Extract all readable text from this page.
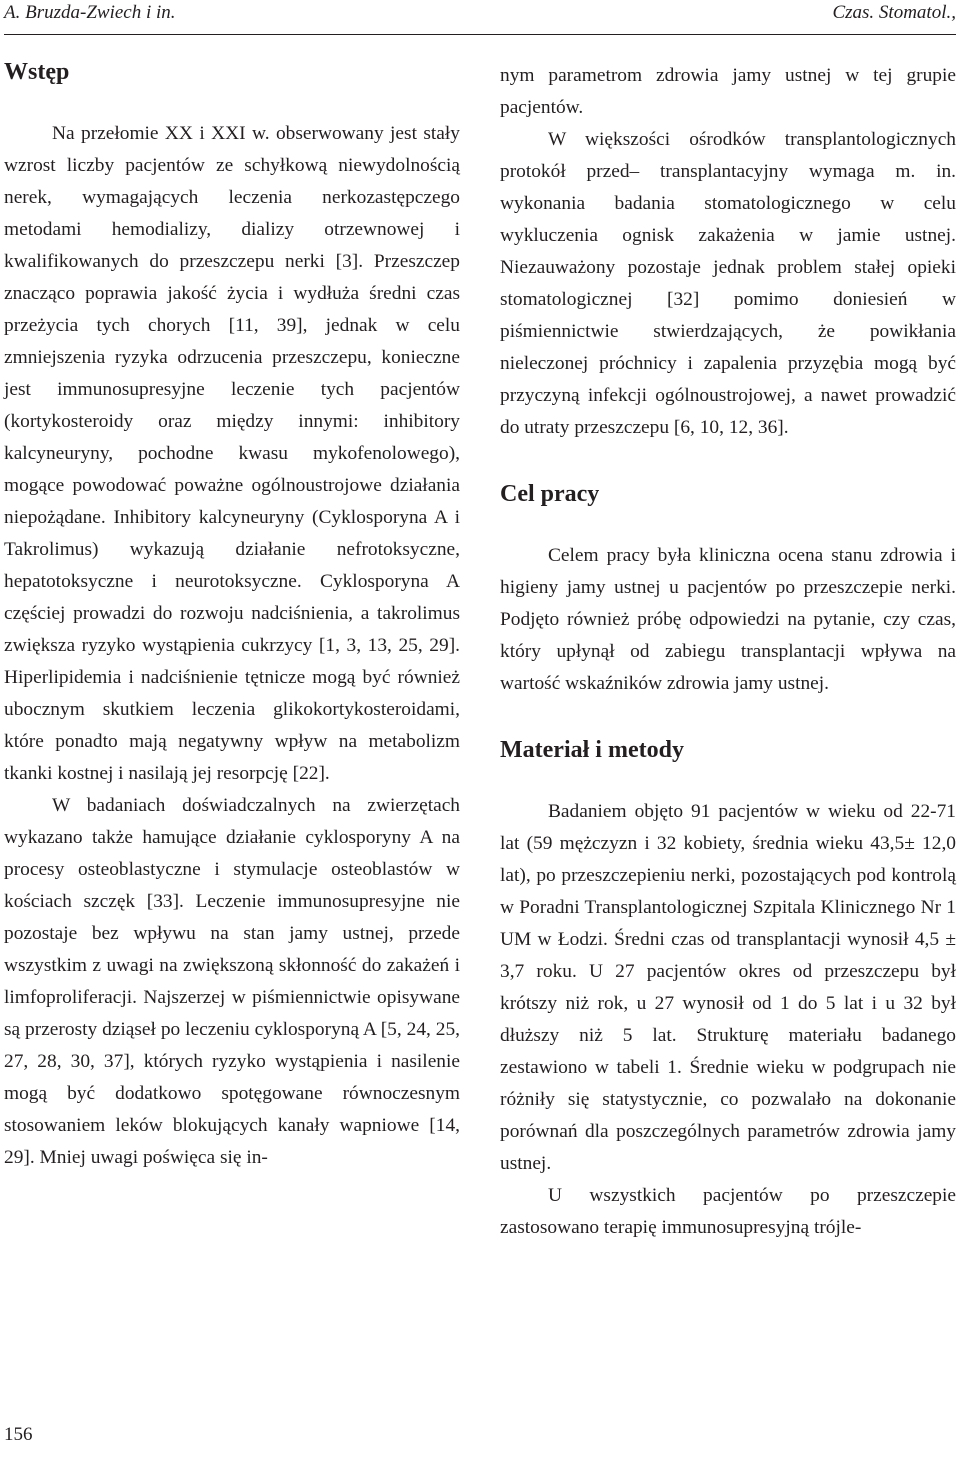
A. Bruzda-Zwiech i in.	Czas. Stomatol.,
Wstęp

Na przełomie XX i XXI w. obserwowany jest stały wzrost liczby pacjentów ze schyłkową niewydolnością nerek, wymagających leczenia nerkozastępczego metodami hemodializy, dializy otrzewnowej i kwalifikowanych do przeszczepu nerki [3]. Przeszczep znacząco poprawia jakość życia i wydłuża średni czas przeżycia tych chorych [11, 39], jednak w celu zmniejszenia ryzyka odrzucenia przeszczepu, konieczne jest immunosupresyjne leczenie tych pacjentów (kortykosteroidy oraz między innymi: inhibitory kalcyneuryny, pochodne kwasu mykofenolowego), mogące powodować poważne ogólnoustrojowe działania niepożądane. Inhibitory kalcyneuryny (Cyklosporyna A i Takrolimus) wykazują działanie nefrotoksyczne, hepatotoksyczne i neurotoksyczne. Cyklosporyna A częściej prowadzi do rozwoju nadciśnienia, a takrolimus zwiększa ryzyko wystąpienia cukrzycy [1, 3, 13, 25, 29]. Hiperlipidemia i nadciśnienie tętnicze mogą być również ubocznym skutkiem leczenia glikokortykosteroidami, które ponadto mają negatywny wpływ na metabolizm tkanki kostnej i nasilają jej resorpcję [22].

W badaniach doświadczalnych na zwierzętach wykazano także hamujące działanie cyklosporyny A na procesy osteoblastyczne i stymulacje osteoblastów w kościach szczęk [33]. Leczenie immunosupresyjne nie pozostaje bez wpływu na stan jamy ustnej, przede wszystkim z uwagi na zwiększoną skłonność do zakażeń i limfoproliferacji. Najszerzej w piśmiennictwie opisywane są przerosty dziąseł po leczeniu cyklosporyną A [5, 24, 25, 27, 28, 30, 37], których ryzyko wystąpienia i nasilenie mogą być dodatkowo spotęgowane równoczesnym stosowaniem leków blokujących kanały wapniowe [14, 29]. Mniej uwagi poświęca się in-

nym parametrom zdrowia jamy ustnej w tej grupie pacjentów.

W większości ośrodków transplantologicznych protokół przed– transplantacyjny wymaga m. in. wykonania badania stomatologicznego w celu wykluczenia ognisk zakażenia w jamie ustnej. Niezauważony pozostaje jednak problem stałej opieki stomatologicznej [32] pomimo doniesień w piśmiennictwie stwierdzających, że powikłania nieleczonej próchnicy i zapalenia przyzębia mogą być przyczyną infekcji ogólnoustrojowej, a nawet prowadzić do utraty przeszczepu [6, 10, 12, 36].

Cel pracy

Celem pracy była kliniczna ocena stanu zdrowia i higieny jamy ustnej u pacjentów po przeszczepie nerki. Podjęto również próbę odpowiedzi na pytanie, czy czas, który upłynął od zabiegu transplantacji wpływa na wartość wskaźników zdrowia jamy ustnej.

Materiał i metody

Badaniem objęto 91 pacjentów w wieku od 22-71 lat (59 mężczyzn i 32 kobiety, średnia wieku 43,5± 12,0 lat), po przeszczepieniu nerki, pozostających pod kontrolą w Poradni Transplantologicznej Szpitala Klinicznego Nr 1 UM w Łodzi. Średni czas od transplantacji wynosił 4,5 ± 3,7 roku. U 27 pacjentów okres od przeszczepu był krótszy niż rok, u 27 wynosił od 1 do 5 lat i u 32 był dłuższy niż 5 lat. Strukturę materiału badanego zestawiono w tabeli 1. Średnie wieku w podgrupach nie różniły się statystycznie, co pozwalało na dokonanie porównań dla poszczególnych parametrów zdrowia jamy ustnej.

U wszystkich pacjentów po przeszczepie zastosowano terapię immunosupresyjną trójle-

156
